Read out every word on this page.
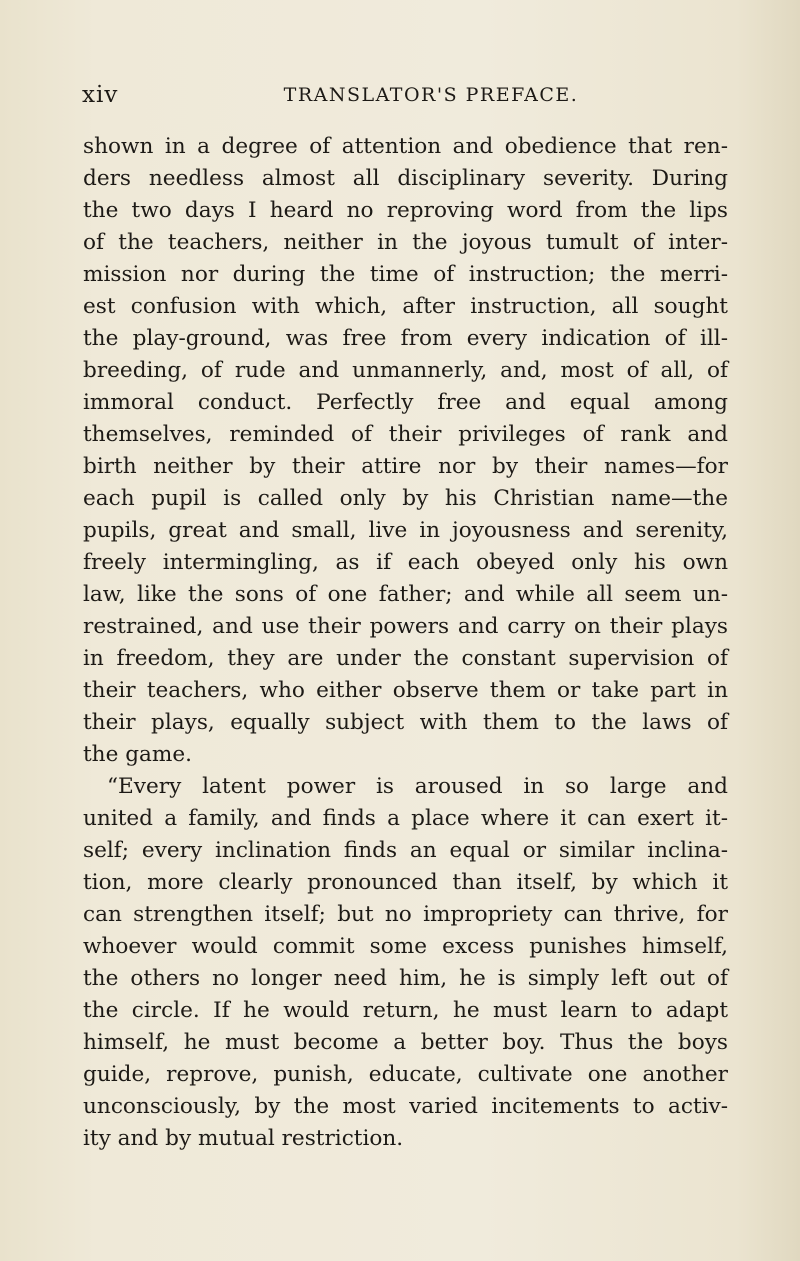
xiv	TRANSLATOR'S PREFACE.
shown in a degree of attention and obedience that ren-
ders needless almost all disciplinary severity. During
the two days I heard no reproving word from the lips
of the teachers, neither in the joyous tumult of inter-
mission nor during the time of instruction; the merri-
est confusion with which, after instruction, all sought
the play-ground, was free from every indication of ill-
breeding, of rude and unmannerly, and, most of all, of
immoral conduct. Perfectly free and equal among
themselves, reminded of their privileges of rank and
birth neither by their attire nor by their names—for
each pupil is called only by his Christian name—the
pupils, great and small, live in joyousness and serenity,
freely intermingling, as if each obeyed only his own
law, like the sons of one father; and while all seem un-
restrained, and use their powers and carry on their plays
in freedom, they are under the constant supervision of
their teachers, who either observe them or take part in
their plays, equally subject with them to the laws of
the game.
“Every latent power is aroused in so large and
united a family, and finds a place where it can exert it-
self; every inclination finds an equal or similar inclina-
tion, more clearly pronounced than itself, by which it
can strengthen itself; but no impropriety can thrive, for
whoever would commit some excess punishes himself,
the others no longer need him, he is simply left out of
the circle. If he would return, he must learn to adapt
himself, he must become a better boy. Thus the boys
guide, reprove, punish, educate, cultivate one another
unconsciously, by the most varied incitements to activ-
ity and by mutual restriction.
